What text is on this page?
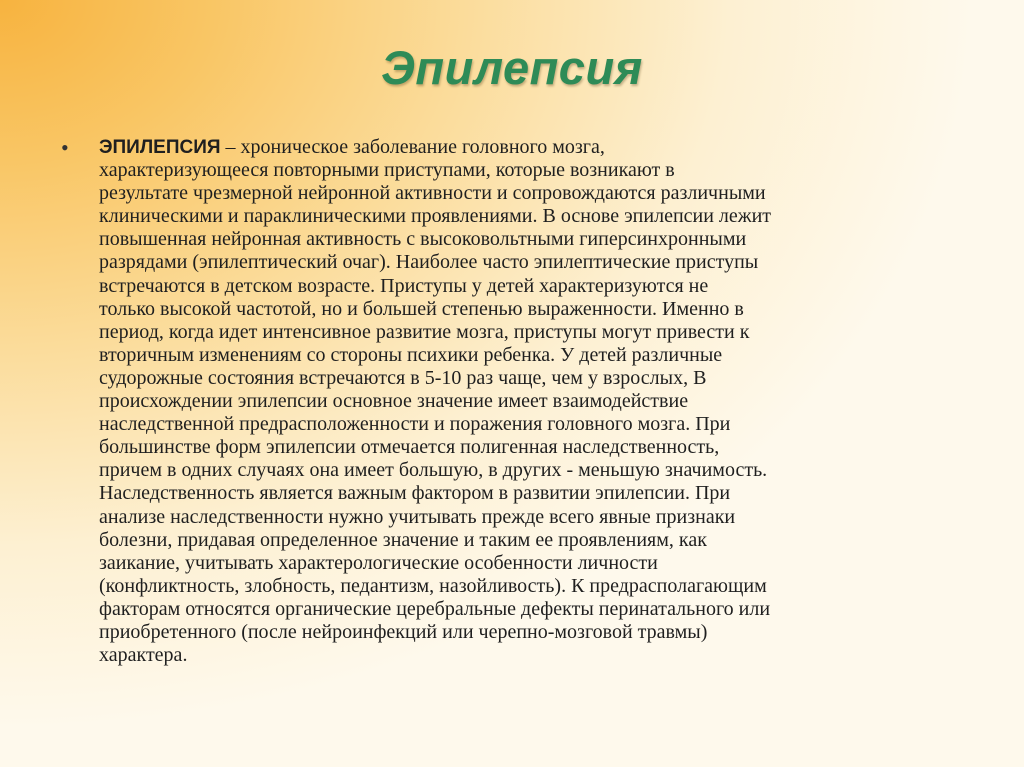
Эпилепсия
• ЭПИЛЕПСИЯ – хроническое заболевание головного мозга,
характеризующееся повторными приступами, которые возникают в
результате чрезмерной нейронной активности и сопровождаются различными
клиническими и параклиническими проявлениями. В основе эпилепсии лежит
повышенная нейронная активность с высоковольтными гиперсинхронными
разрядами (эпилептический очаг). Наиболее часто эпилептические приступы
встречаются в детском возрасте. Приступы у детей характеризуются не
только высокой частотой, но и большей степенью выраженности. Именно в
период, когда идет интенсивное развитие мозга, приступы могут привести к
вторичным изменениям со стороны психики ребенка. У детей различные
судорожные состояния встречаются в 5-10 раз чаще, чем у взрослых, В
происхождении эпилепсии основное значение имеет взаимодействие
наследственной предрасположенности и поражения головного мозга. При
большинстве форм эпилепсии отмечается полигенная наследственность,
причем в одних случаях она имеет большую, в других - меньшую значимость.
Наследственность является важным фактором в развитии эпилепсии. При
анализе наследственности нужно учитывать прежде всего явные признаки
болезни, придавая определенное значение и таким ее проявлениям, как
заикание, учитывать характерологические особенности личности
(конфликтность, злобность, педантизм, назойливость). К предрасполагающим
факторам относятся органические церебральные дефекты перинатального или
приобретенного (после нейроинфекций или черепно-мозговой травмы)
характера.
